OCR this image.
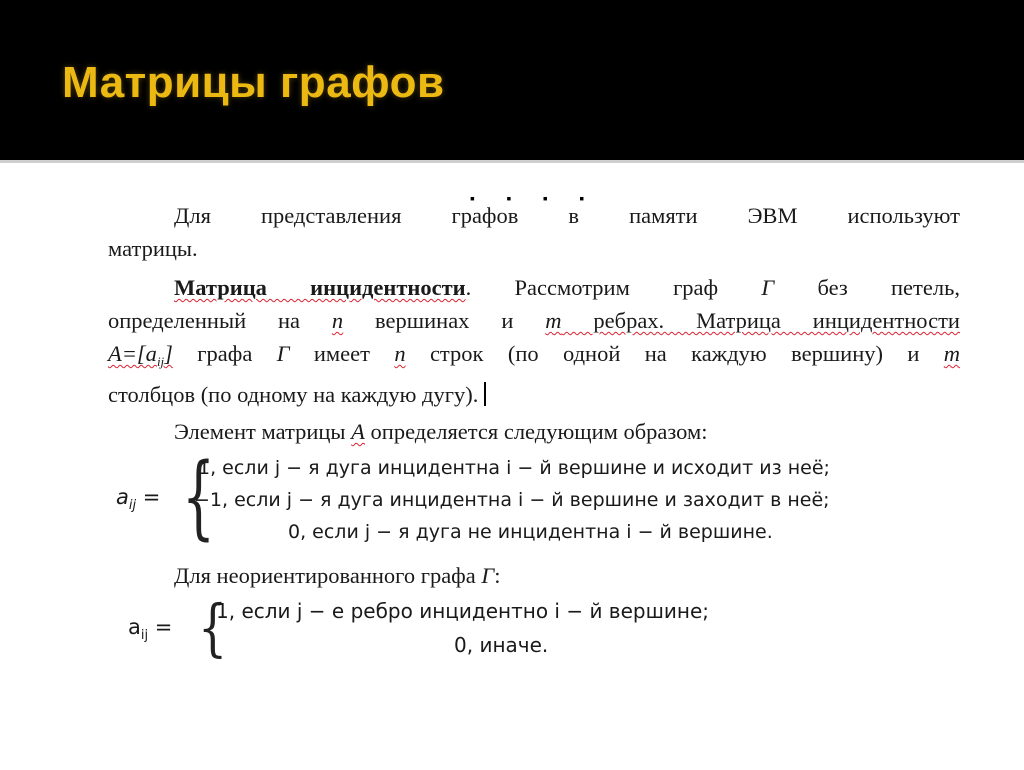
Матрицы графов
▪ ▪ ▪ ▪

Для представления графов в памяти ЭВМ используют

матрицы.

Матрица инцидентности. Рассмотрим граф Г без петель,

определенный на n вершинах и m ребрах. Матрица инцидентности

$A=[a_{ij}]$ графа Г имеет n строк (по одной на каждую вершину) и m

столбцов (по одному на каждую дугу).

Элемент матрицы A определяется следующим образом:

$a_{ij}$ = {
1, если j − я дуга инцидентна i − й вершине и исходит из неё;
−1, если j − я дуга инцидентна i − й вершине и заходит в неё;
0, если j − я дуга не инцидентна i − й вершине.
Для неориентированного графа Г:
$a_{ij}$ = {
1, если j − е ребро инцидентно i − й вершине;
0, иначе.
